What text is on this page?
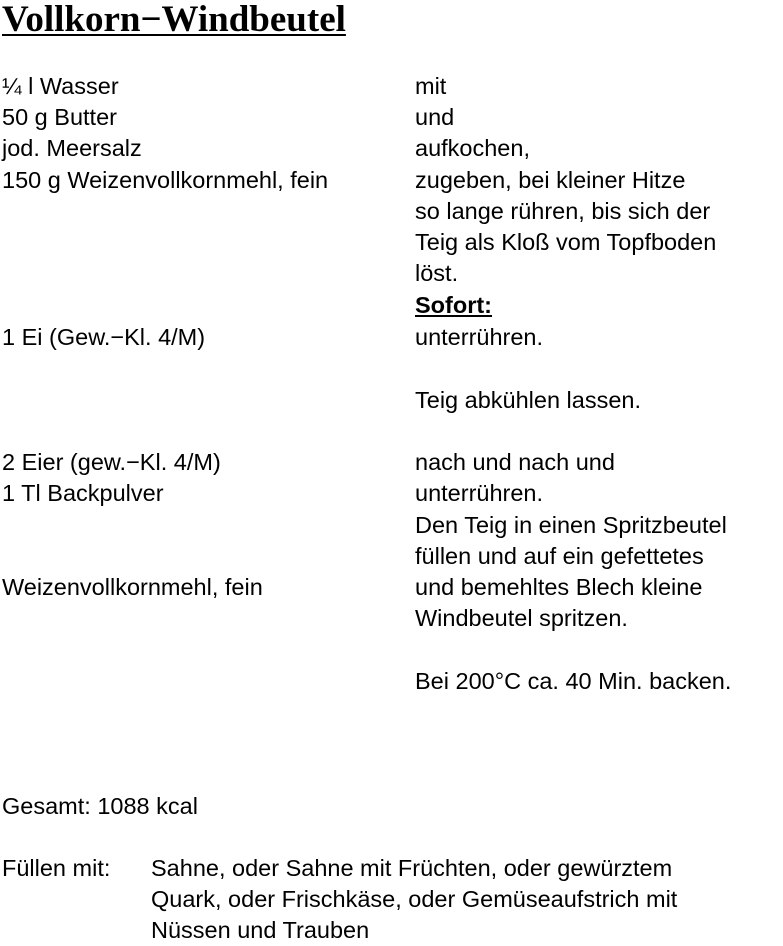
Vollkorn−Windbeutel
¼ l Wasser
50 g Butter
jod. Meersalz
150 g Weizenvollkornmehl, fein
1 Ei (Gew.−Kl. 4/M)
2 Eier (gew.−Kl. 4/M)
1 Tl Backpulver
Weizenvollkornmehl, fein
mit
und
aufkochen,
zugeben, bei kleiner Hitze
so lange rühren, bis sich der
Teig als Kloß vom Topfboden
löst.
Sofort:
unterrühren.
Teig abkühlen lassen.
nach und nach und
unterrühren.
Den Teig in einen Spritzbeutel
füllen und auf ein gefettetes
und bemehltes Blech kleine
Windbeutel spritzen.
Bei 200°C ca. 40 Min. backen.
Gesamt: 1088 kcal
Füllen mit: Sahne, oder Sahne mit Früchten, oder gewürztem
Quark, oder Frischkäse, oder Gemüseaufstrich mit
Nüssen und Trauben
